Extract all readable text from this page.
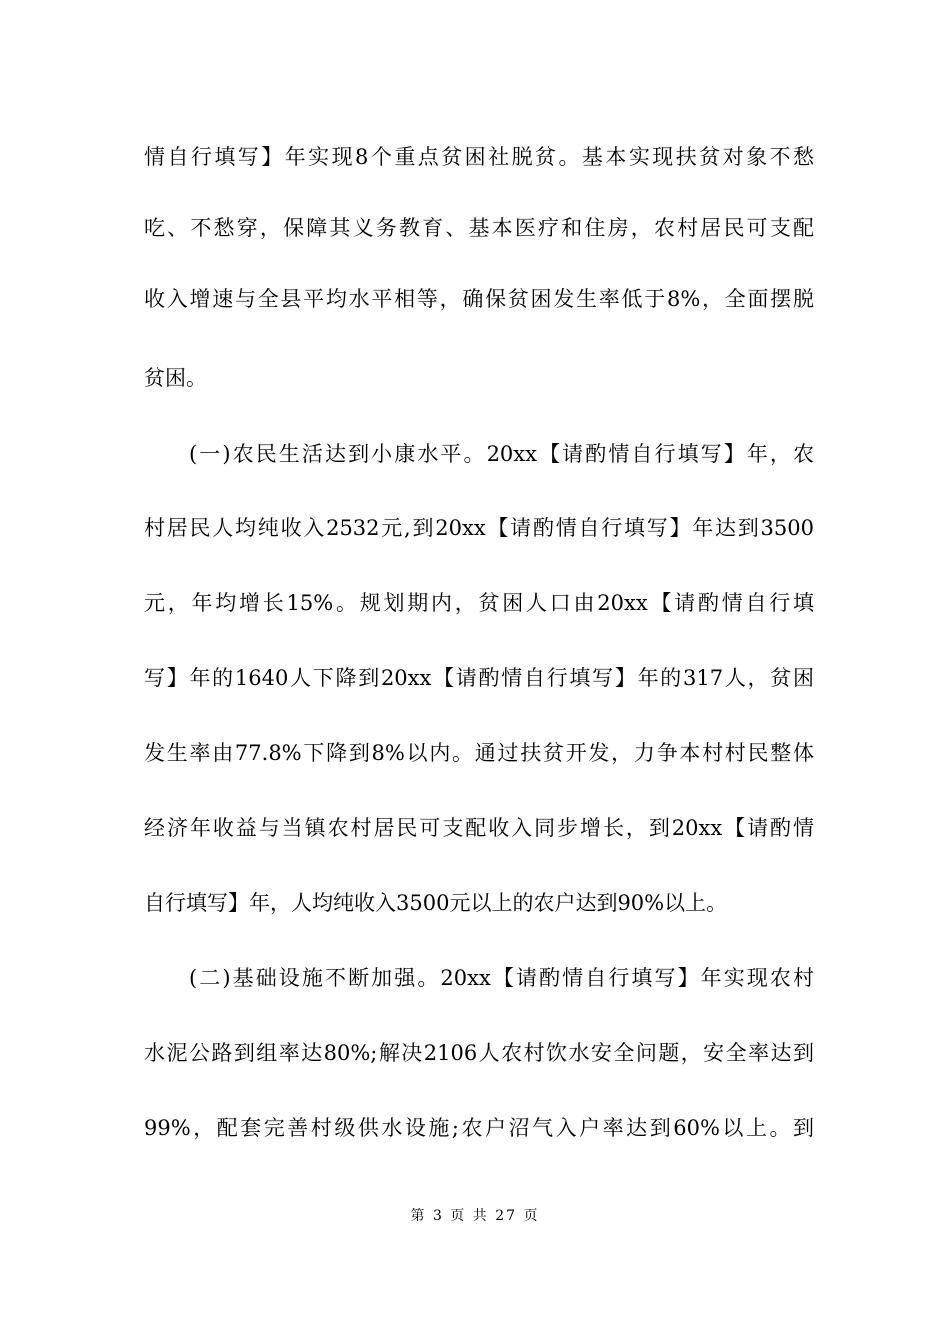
情自行填写】年实现8个重点贫困社脱贫。基本实现扶贫对象不愁
吃、不愁穿，保障其义务教育、基本医疗和住房，农村居民可支配
收入增速与全县平均水平相等，确保贫困发生率低于8%，全面摆脱
贫困。
(一)农民生活达到小康水平。20xx【请酌情自行填写】年，农
村居民人均纯收入2532元,到20xx【请酌情自行填写】年达到3500
元，年均增长15%。规划期内，贫困人口由20xx【请酌情自行填
写】年的1640人下降到20xx【请酌情自行填写】年的317人，贫困
发生率由77.8%下降到8%以内。通过扶贫开发，力争本村村民整体
经济年收益与当镇农村居民可支配收入同步增长，到20xx【请酌情
自行填写】年，人均纯收入3500元以上的农户达到90%以上。
(二)基础设施不断加强。20xx【请酌情自行填写】年实现农村
水泥公路到组率达80%;解决2106人农村饮水安全问题，安全率达到
99%，配套完善村级供水设施;农户沼气入户率达到60%以上。到
第 3 页 共 27 页
